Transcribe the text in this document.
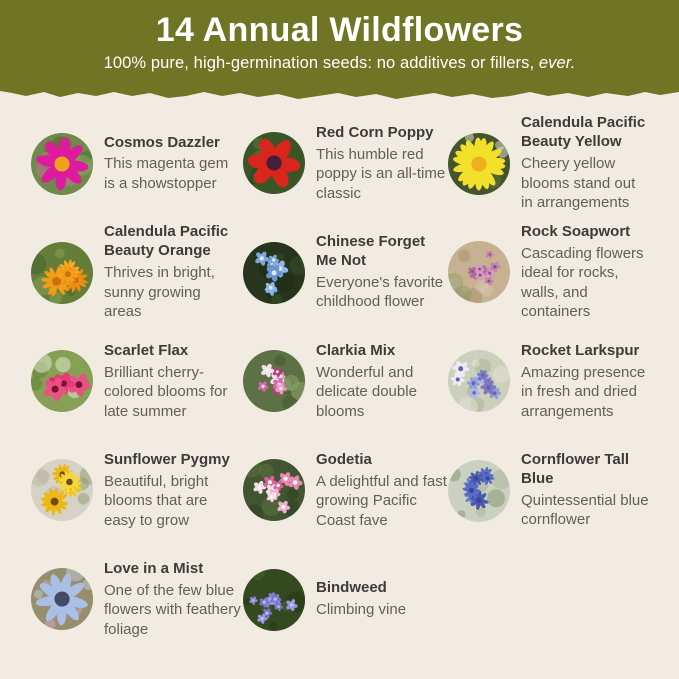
14 Annual Wildflowers
100% pure, high-germination seeds: no additives or fillers, ever.
Cosmos Dazzler
This magenta gem is a showstopper
Red Corn Poppy
This humble red poppy is an all-time classic
Calendula Pacific Beauty Yellow
Cheery yellow blooms stand out in arrangements
Calendula Pacific Beauty Orange
Thrives in bright, sunny growing areas
Chinese Forget Me Not
Everyone's favorite childhood flower
Rock Soapwort
Cascading flowers ideal for rocks, walls, and containers
Scarlet Flax
Brilliant cherry-colored blooms for late summer
Clarkia Mix
Wonderful and delicate double blooms
Rocket Larkspur
Amazing presence in fresh and dried arrangements
Sunflower Pygmy
Beautiful, bright blooms that are easy to grow
Godetia
A delightful and fast growing Pacific Coast fave
Cornflower Tall Blue
Quintessential blue cornflower
Love in a Mist
One of the few blue flowers with feathery foliage
Bindweed
Climbing vine
